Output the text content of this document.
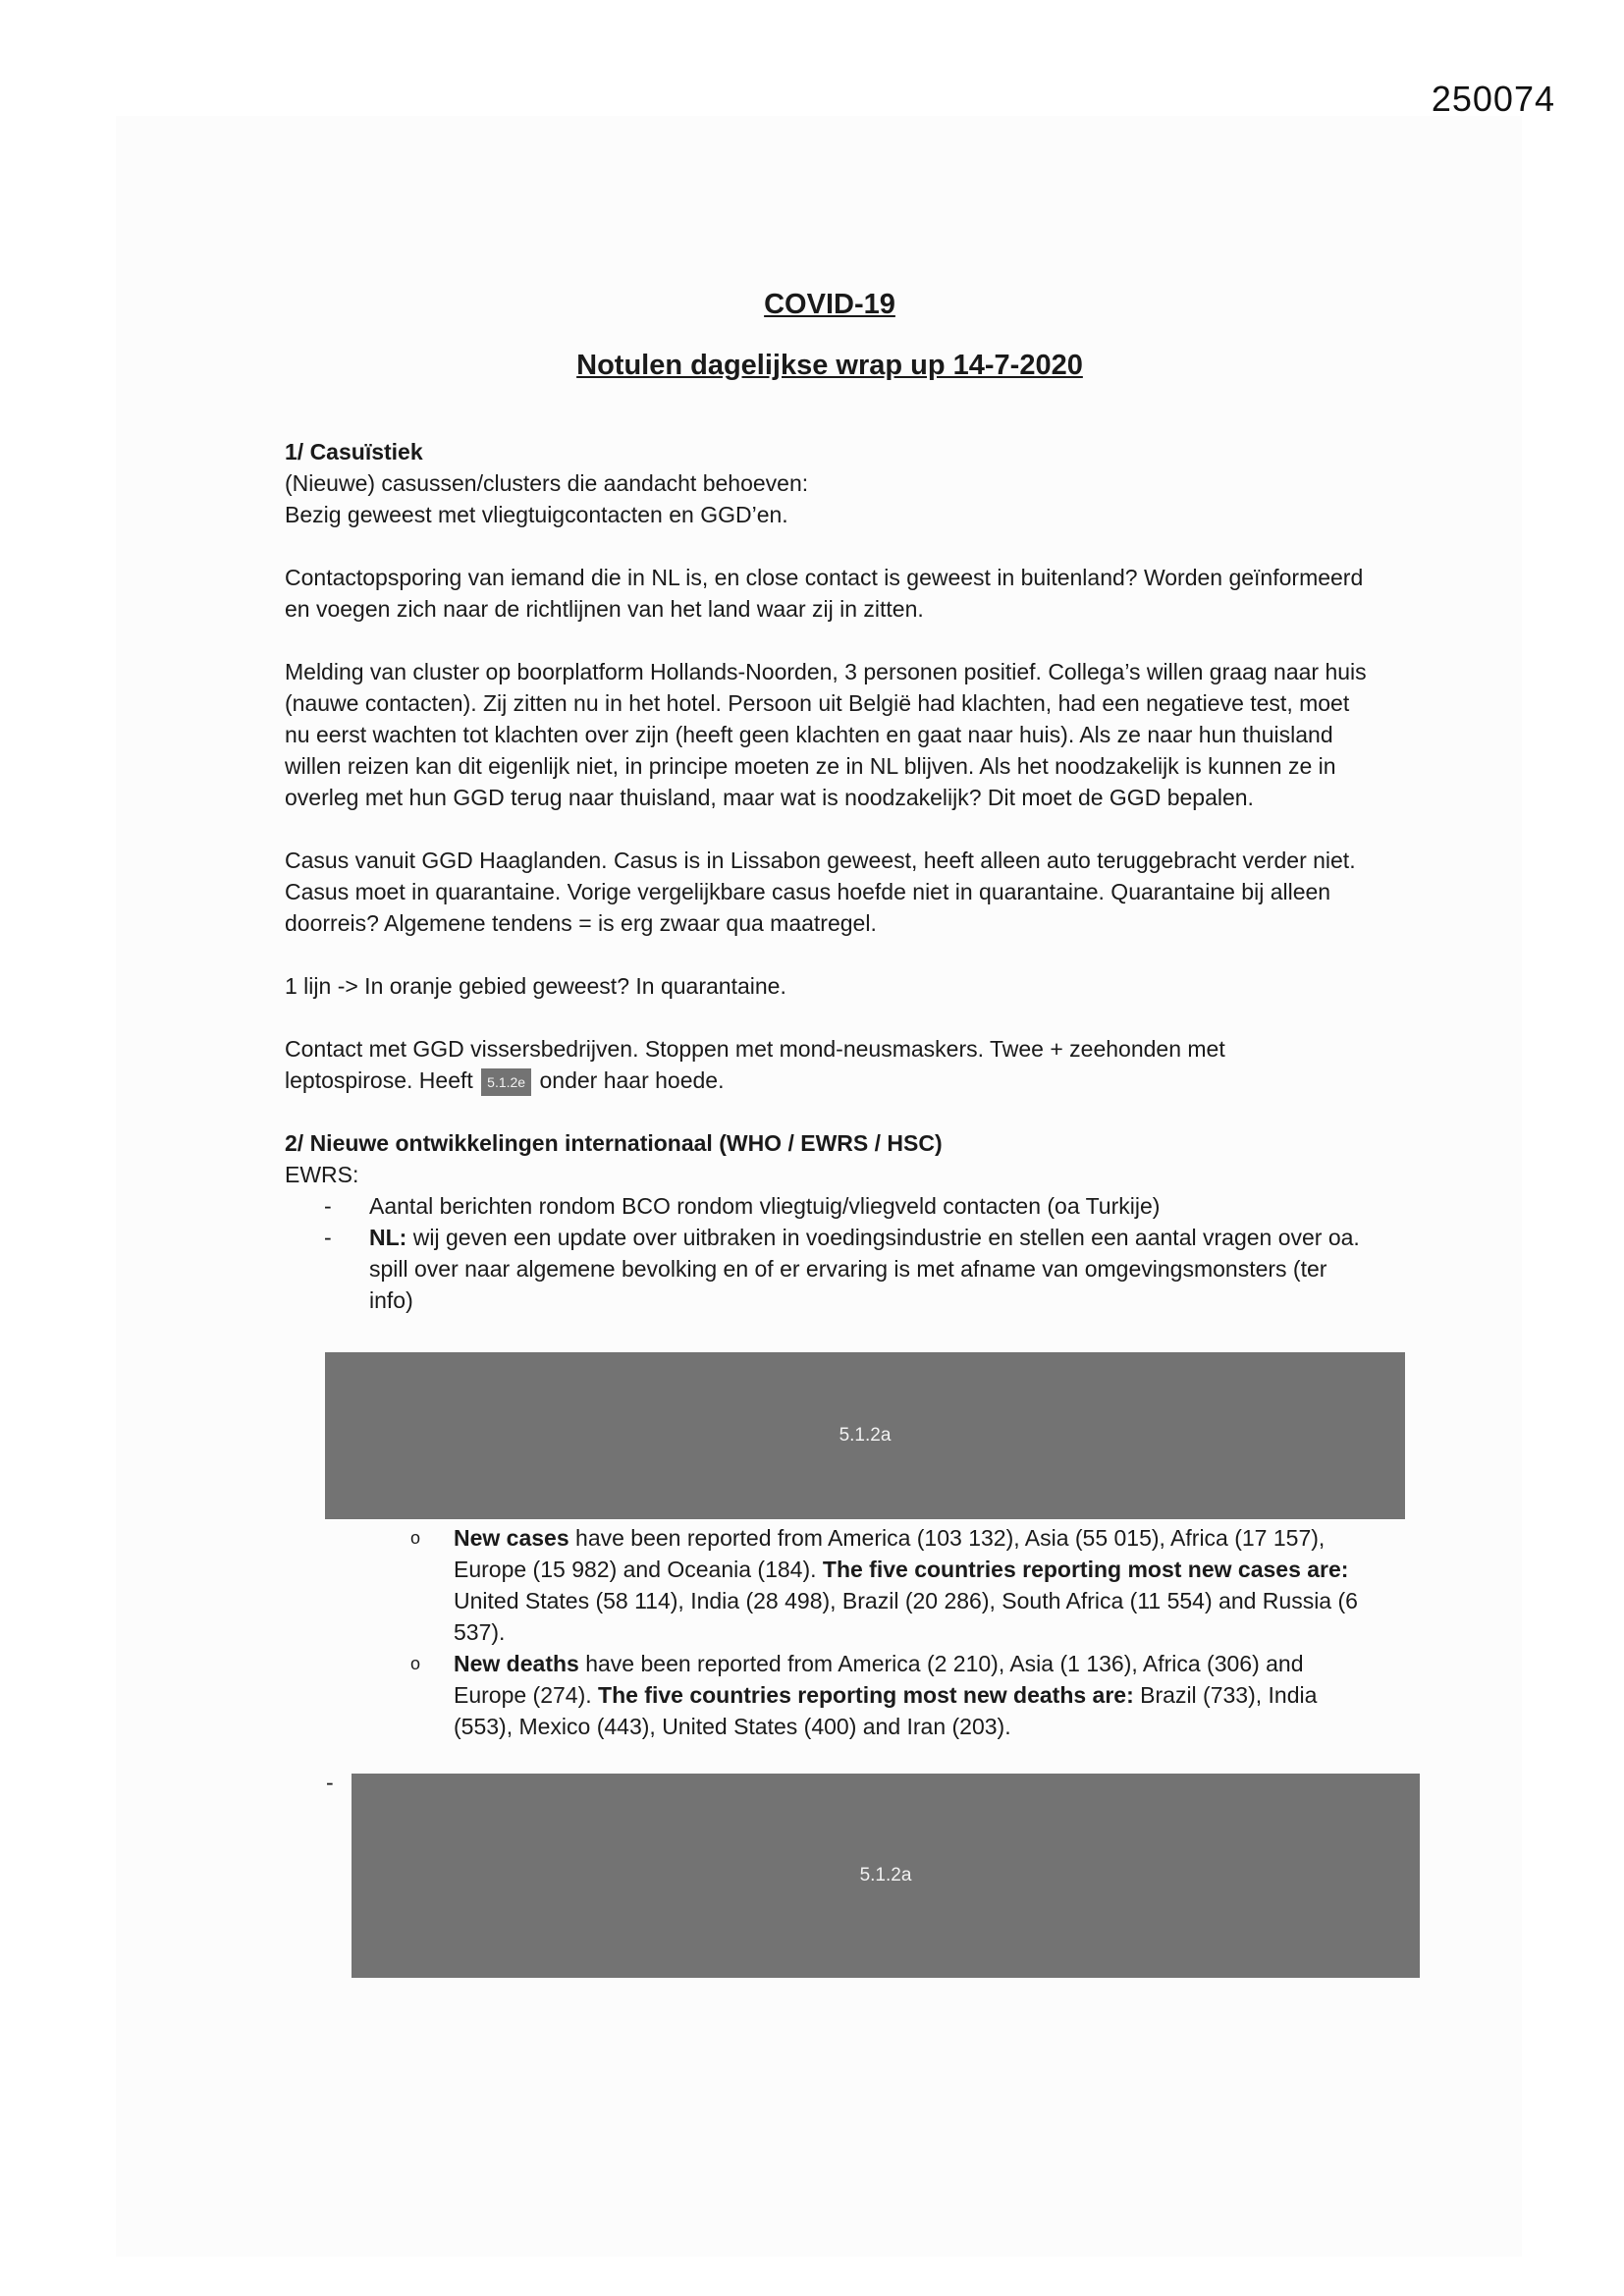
250074
COVID-19
Notulen dagelijkse wrap up 14-7-2020

1/ Casuïstiek

(Nieuwe) casussen/clusters die aandacht behoeven:

Bezig geweest met vliegtuigcontacten en GGD’en.

Contactopsporing van iemand die in NL is, en close contact is geweest in buitenland? Worden geïnformeerd en voegen zich naar de richtlijnen van het land waar zij in zitten.

Melding van cluster op boorplatform Hollands-Noorden, 3 personen positief. Collega’s willen graag naar huis (nauwe contacten). Zij zitten nu in het hotel. Persoon uit België had klachten, had een negatieve test, moet nu eerst wachten tot klachten over zijn (heeft geen klachten en gaat naar huis). Als ze naar hun thuisland willen reizen kan dit eigenlijk niet, in principe moeten ze in NL blijven. Als het noodzakelijk is kunnen ze in overleg met hun GGD terug naar thuisland, maar wat is noodzakelijk? Dit moet de GGD bepalen.

Casus vanuit GGD Haaglanden. Casus is in Lissabon geweest, heeft alleen auto teruggebracht verder niet. Casus moet in quarantaine. Vorige vergelijkbare casus hoefde niet in quarantaine. Quarantaine bij alleen doorreis? Algemene tendens = is erg zwaar qua maatregel.

1 lijn -> In oranje gebied geweest? In quarantaine.

Contact met GGD vissersbedrijven. Stoppen met mond-neusmaskers. Twee + zeehonden met

leptospirose. Heeft 5.1.2e onder haar hoede.

2/ Nieuwe ontwikkelingen internationaal (WHO / EWRS / HSC)

EWRS:

- Aantal berichten rondom BCO rondom vliegtuig/vliegveld contacten (oa Turkije)
- NL: wij geven een update over uitbraken in voedingsindustrie en stellen een aantal vragen over oa. spill over naar algemene bevolking en of er ervaring is met afname van omgevingsmonsters (ter info)
o New cases have been reported from America (103 132), Asia (55 015), Africa (17 157), Europe (15 982) and Oceania (184). The five countries reporting most new cases are: United States (58 114), India (28 498), Brazil (20 286), South Africa (11 554) and Russia (6 537).
o New deaths have been reported from America (2 210), Asia (1 136), Africa (306) and Europe (274). The five countries reporting most new deaths are: Brazil (733), India (553), Mexico (443), United States (400) and Iran (203).
5.1.2a
-
5.1.2a
